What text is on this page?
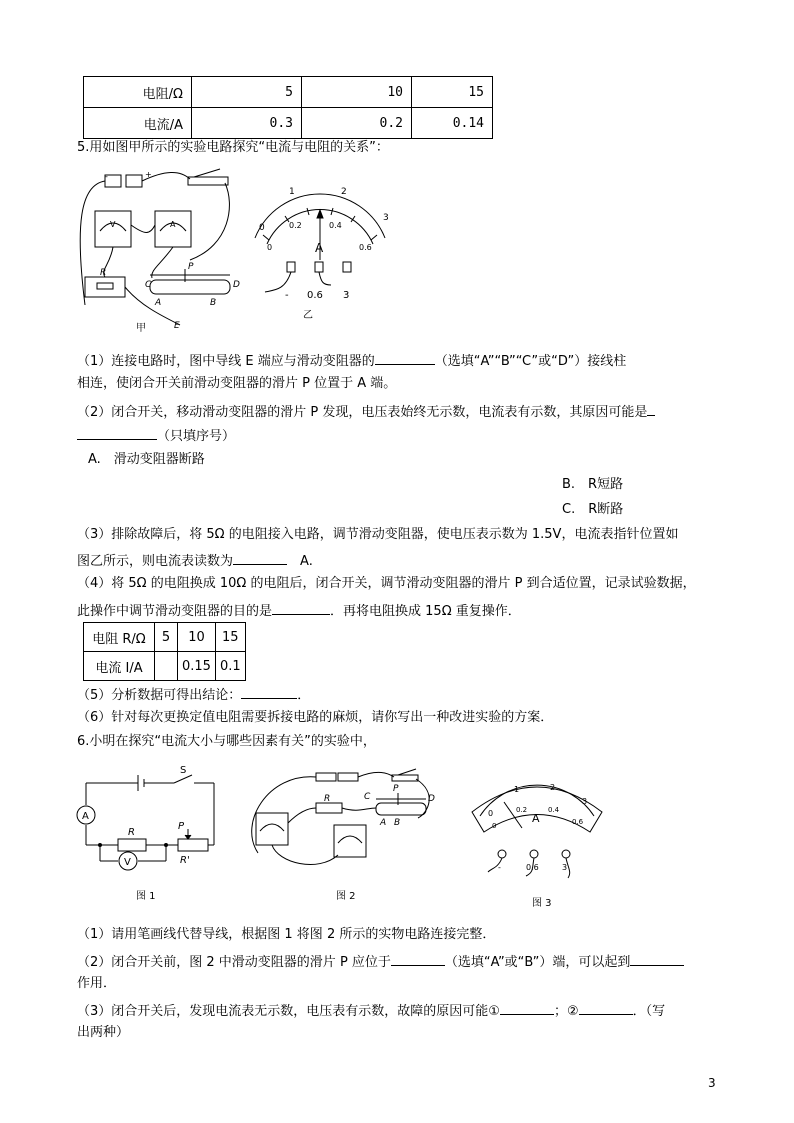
电阻/Ω	5	10	15
电流/A	0.3	0.2	0.14
5.用如图甲所示的实验电路探究“电流与电阻的关系”：
-	+
V	A
R
C
P
D
A	B
E
甲
0
1	2
3
0
0.2	0.4
0.6
A
- 0.6 3
乙
（1）连接电路时，图中导线 E 端应与滑动变阻器的	（选填“A”“B”“C”或“D”）接线柱
相连，使闭合开关前滑动变阻器的滑片 P 位置于 A 端。
（2）闭合开关，移动滑动变阻器的滑片 P 发现，电压表始终无示数，电流表有示数，其原因可能是
（只填序号）
A.　滑动变阻器断路
B.　R短路
C.　R断路
（3）排除故障后，将 5Ω 的电阻接入电路，调节滑动变阻器，使电压表示数为 1.5V，电流表指针位置如
图乙所示，则电流表读数为　	A.
（4）将 5Ω 的电阻换成 10Ω 的电阻后，闭合开关，调节滑动变阻器的滑片 P 到合适位置，记录试验数据，
此操作中调节滑动变阻器的目的是	．再将电阻换成 15Ω 重复操作．
电阻 R/Ω	5	10	15
电流 I/A		0.15	0.1
（5）分析数据可得出结论：	．
（6）针对每次更换定值电阻需要拆接电路的麻烦，请你写出一种改进实验的方案．
6.小明在探究“电流大小与哪些因素有关”的实验中，
S
A
R
P
R'
V
图 1
R	C
P
D
A B
图 2
0
1	2
3
0
0.2	0.4
0.6
A
-	0.6	3
图 3
（1）请用笔画线代替导线，根据图 1 将图 2 所示的实物电路连接完整．
（2）闭合开关前，图 2 中滑动变阻器的滑片 P 应位于	（选填“A”或“B”）端，可以起到
作用．
（3）闭合开关后，发现电流表无示数，电压表有示数，故障的原因可能①	；②	．（写
出两种）
3
